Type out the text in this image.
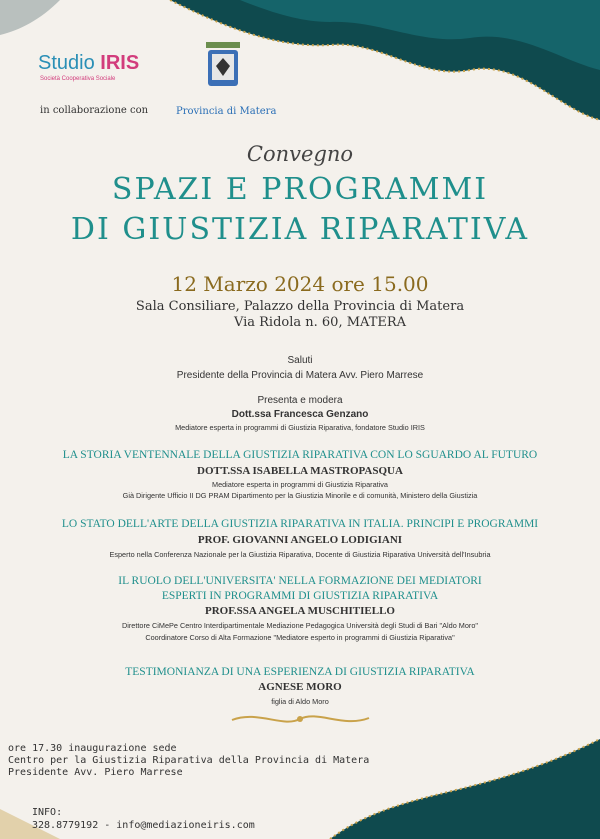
Studio IRIS
Società Cooperativa Sociale
in collaborazione con	Provincia di Matera
Convegno
SPAZI E PROGRAMMI
DI GIUSTIZIA RIPARATIVA
12 Marzo 2024 ore 15.00
Sala Consiliare, Palazzo della Provincia di Matera
Via Ridola n. 60, MATERA
Saluti
Presidente della Provincia di Matera Avv. Piero Marrese
Presenta e modera
Dott.ssa Francesca Genzano
Mediatore esperta in programmi di Giustizia Riparativa, fondatore Studio IRIS
LA STORIA VENTENNALE DELLA GIUSTIZIA RIPARATIVA CON LO SGUARDO AL FUTURO
DOTT.SSA ISABELLA MASTROPASQUA
Mediatore esperta in programmi di Giustizia Riparativa
Già Dirigente Ufficio II DG PRAM Dipartimento per la Giustizia Minorile e di comunità, Ministero della Giustizia
LO STATO DELL'ARTE DELLA GIUSTIZIA RIPARATIVA IN ITALIA. PRINCIPI E PROGRAMMI
PROF. GIOVANNI ANGELO LODIGIANI
Esperto nella Conferenza Nazionale per la Giustizia Riparativa, Docente di Giustizia Riparativa Università dell'Insubria
IL RUOLO DELL'UNIVERSITA' NELLA FORMAZIONE DEI MEDIATORI
ESPERTI IN PROGRAMMI DI GIUSTIZIA RIPARATIVA
PROF.SSA ANGELA MUSCHITIELLO
Direttore CiMePe Centro Interdipartimentale Mediazione Pedagogica Università degli Studi di Bari "Aldo Moro"
Coordinatore Corso di Alta Formazione "Mediatore esperto in programmi di Giustizia Riparativa"
TESTIMONIANZA DI UNA ESPERIENZA DI GIUSTIZIA RIPARATIVA
AGNESE MORO
figlia di Aldo Moro
ore 17.30 inaugurazione sede
Centro per la Giustizia Riparativa della Provincia di Matera
Presidente Avv. Piero Marrese
INFO:
328.8779192 - info@mediazioneiris.com
